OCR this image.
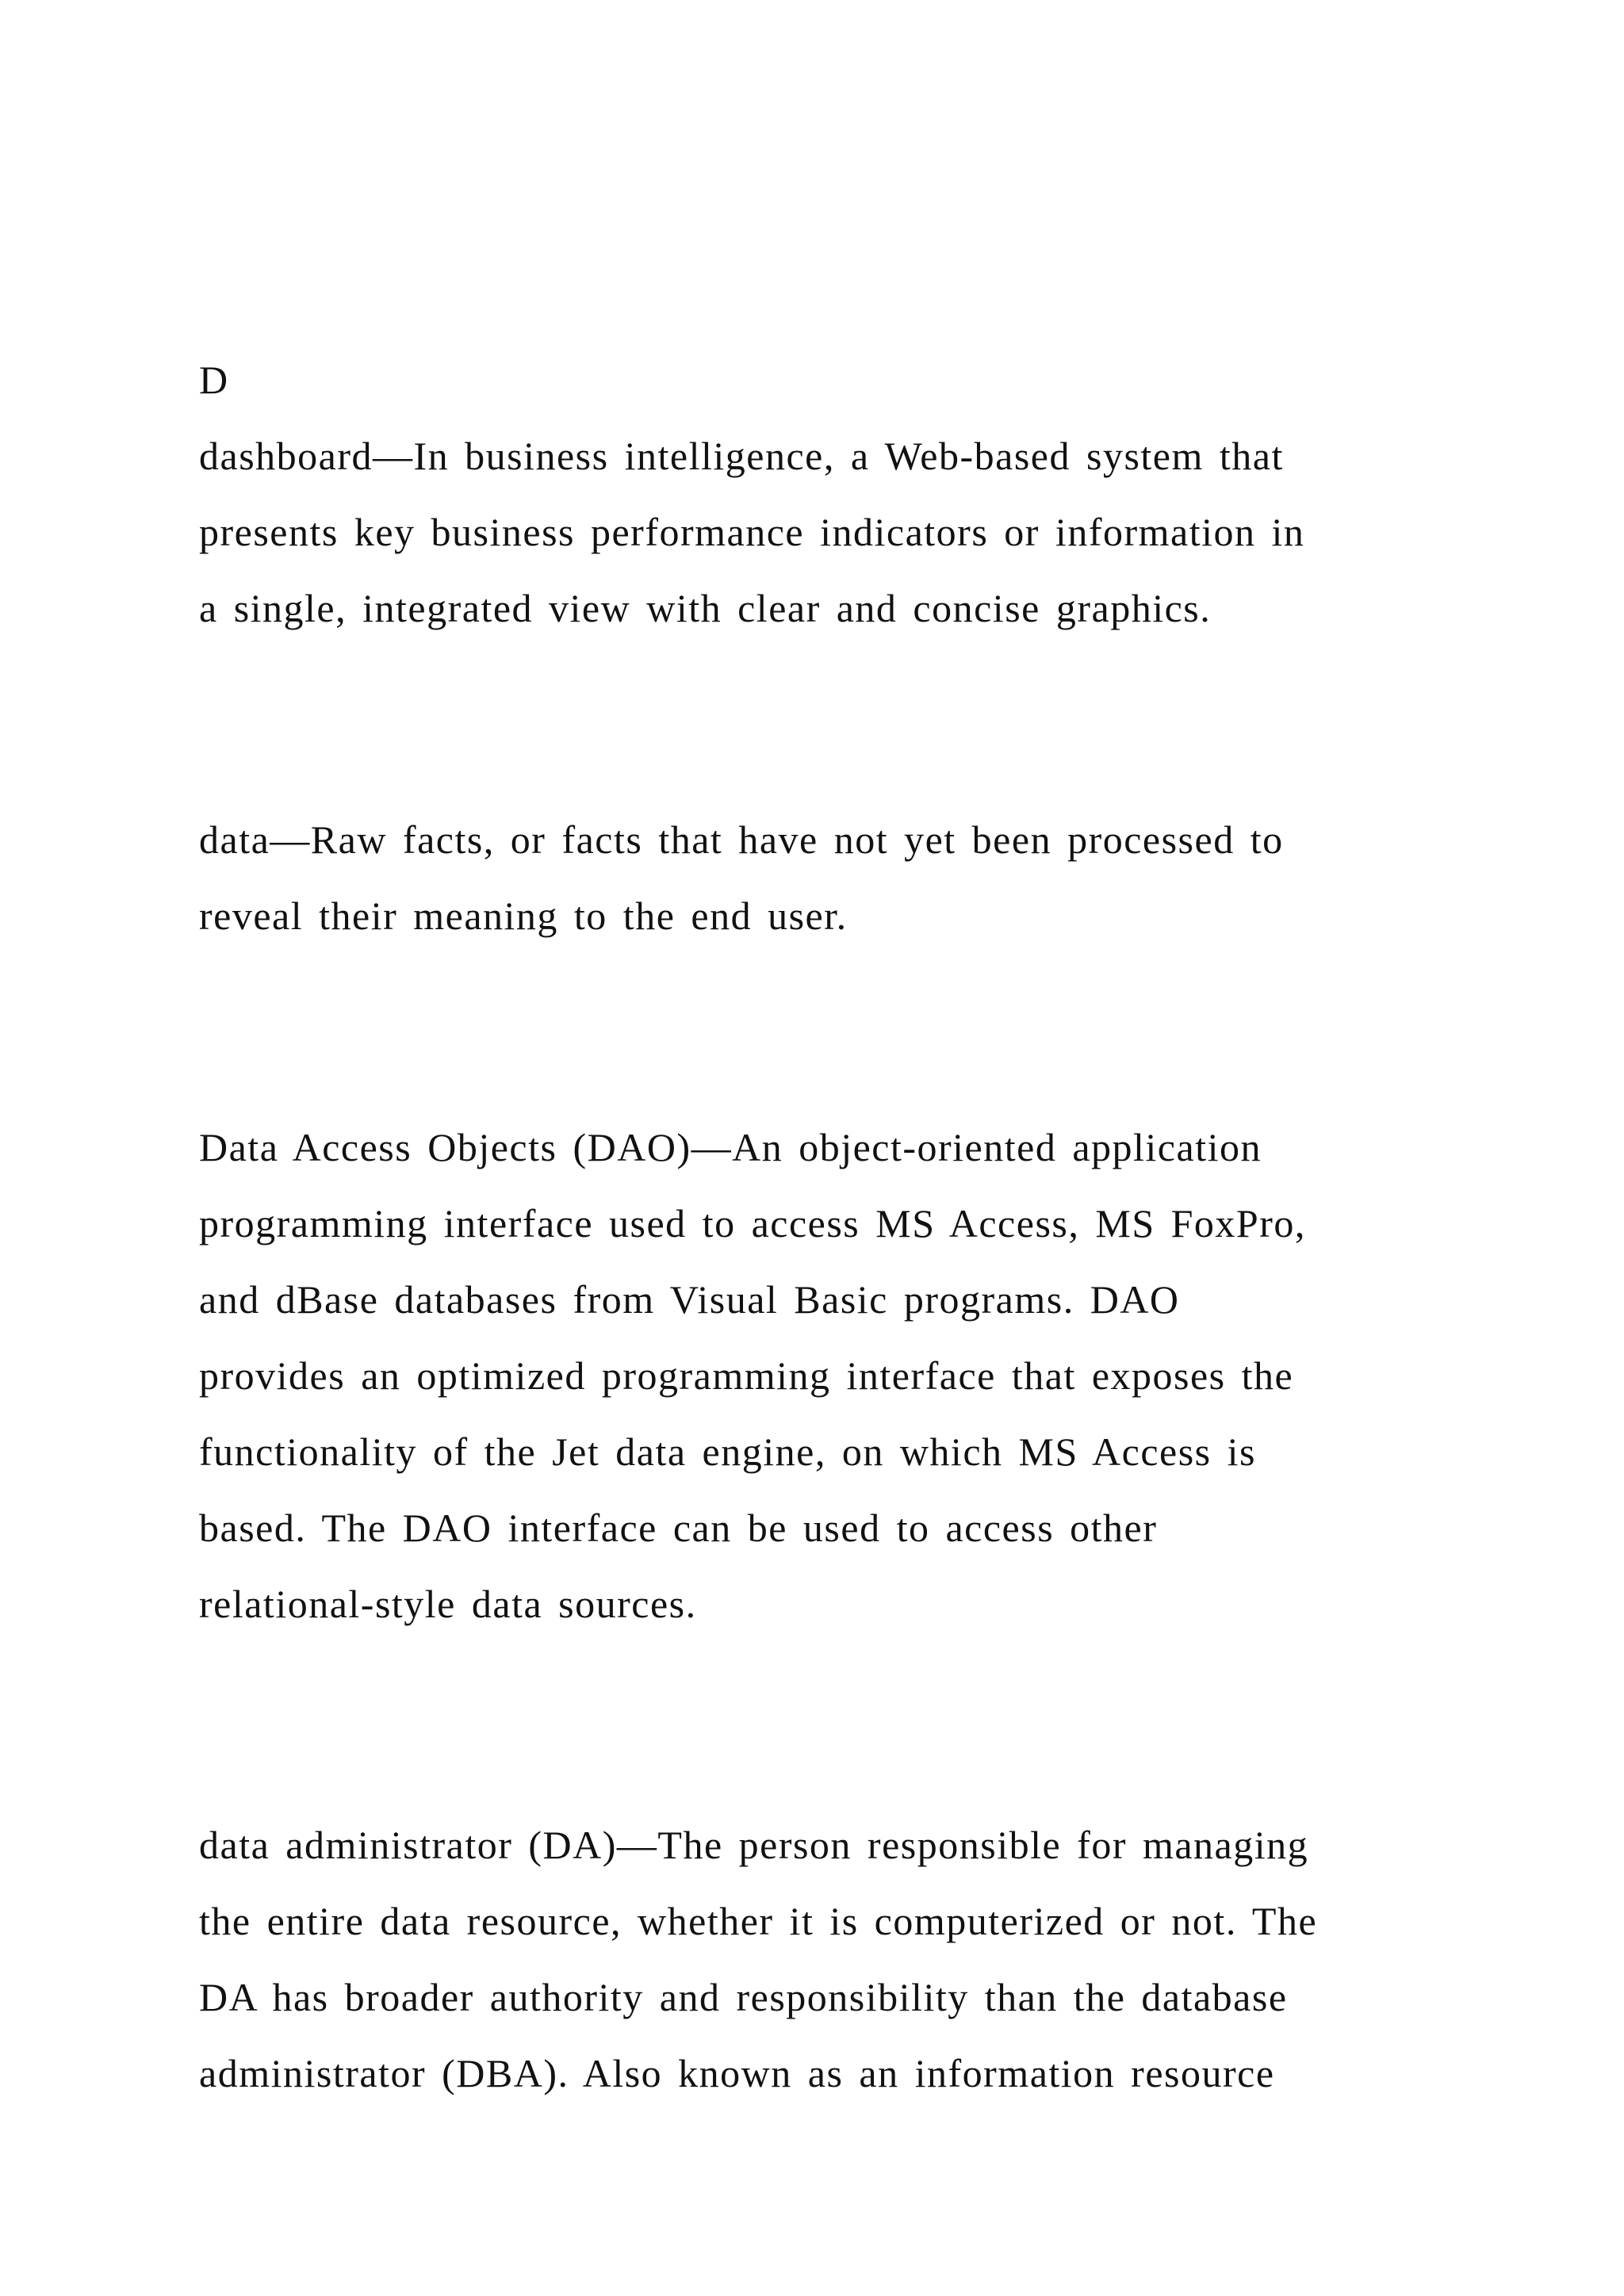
D
dashboard—In business intelligence, a Web-based system that
presents key business performance indicators or information in
a single, integrated view with clear and concise graphics.
data—Raw facts, or facts that have not yet been processed to
reveal their meaning to the end user.
Data Access Objects (DAO)—An object-oriented application
programming interface used to access MS Access, MS FoxPro,
and dBase databases from Visual Basic programs. DAO
provides an optimized programming interface that exposes the
functionality of the Jet data engine, on which MS Access is
based. The DAO interface can be used to access other
relational-style data sources.
data administrator (DA)—The person responsible for managing
the entire data resource, whether it is computerized or not. The
DA has broader authority and responsibility than the database
administrator (DBA). Also known as an information resource
